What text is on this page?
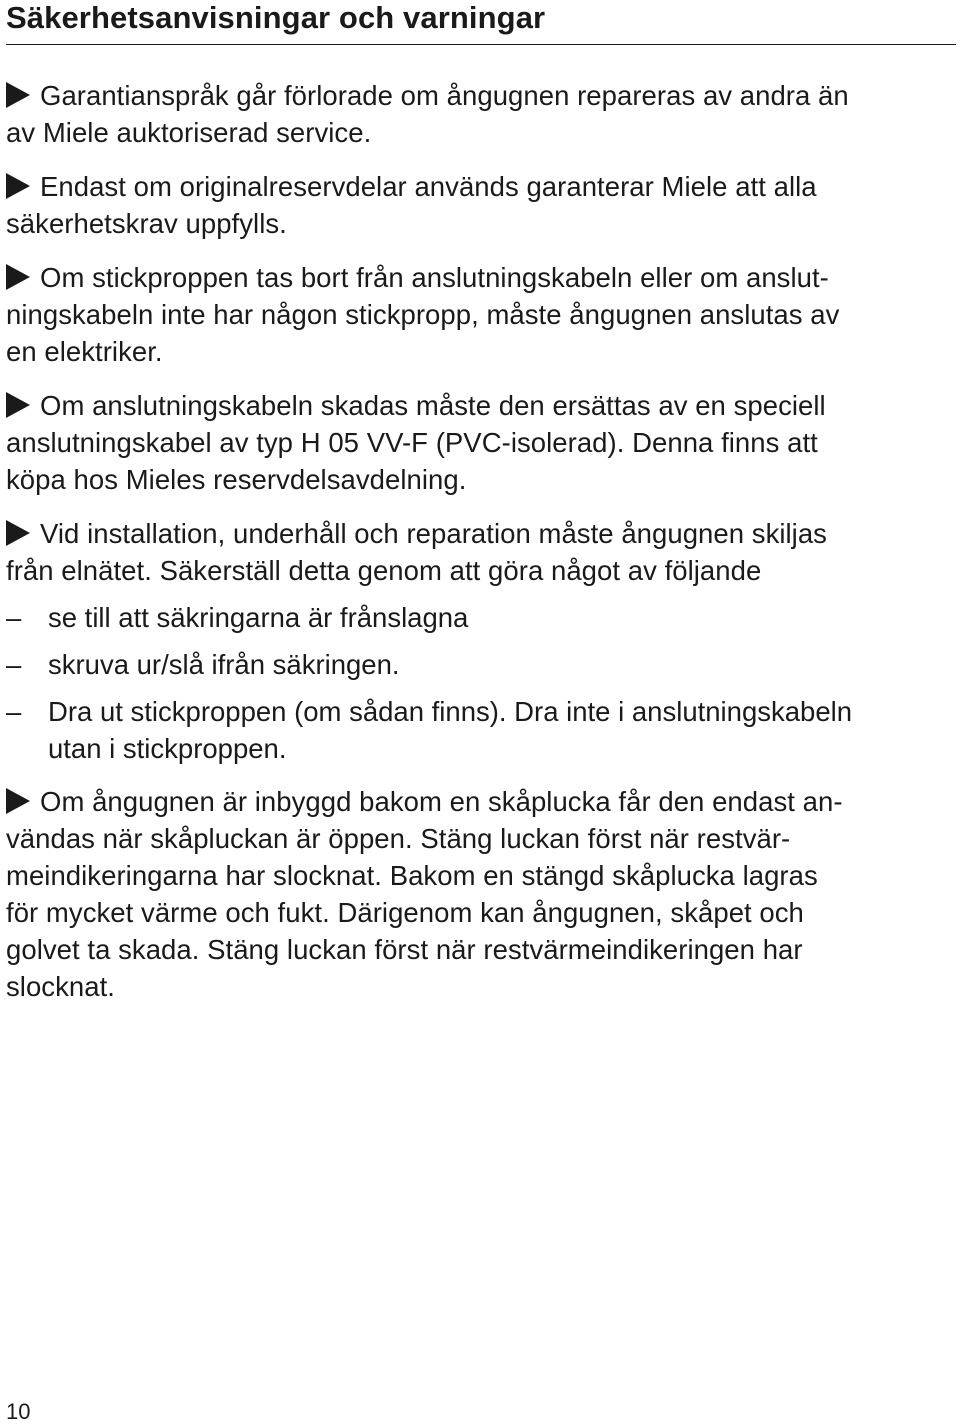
Säkerhetsanvisningar och varningar
Garantianspråk går förlorade om ångugnen repareras av andra än
av Miele auktoriserad service.
Endast om originalreservdelar används garanterar Miele att alla
säkerhetskrav uppfylls.
Om stickproppen tas bort från anslutningskabeln eller om anslut-
ningskabeln inte har någon stickpropp, måste ångugnen anslutas av
en elektriker.
Om anslutningskabeln skadas måste den ersättas av en speciell
anslutningskabel av typ H 05 VV-F (PVC-isolerad). Denna finns att
köpa hos Mieles reservdelsavdelning.
Vid installation, underhåll och reparation måste ångugnen skiljas
från elnätet. Säkerställ detta genom att göra något av följande
– se till att säkringarna är frånslagna
– skruva ur/slå ifrån säkringen.
– Dra ut stickproppen (om sådan finns). Dra inte i anslutningskabeln
utan i stickproppen.
Om ångugnen är inbyggd bakom en skåplucka får den endast an-
vändas när skåpluckan är öppen. Stäng luckan först när restvär-
meindikeringarna har slocknat. Bakom en stängd skåplucka lagras
för mycket värme och fukt. Därigenom kan ångugnen, skåpet och
golvet ta skada. Stäng luckan först när restvärmeindikeringen har
slocknat.
10
